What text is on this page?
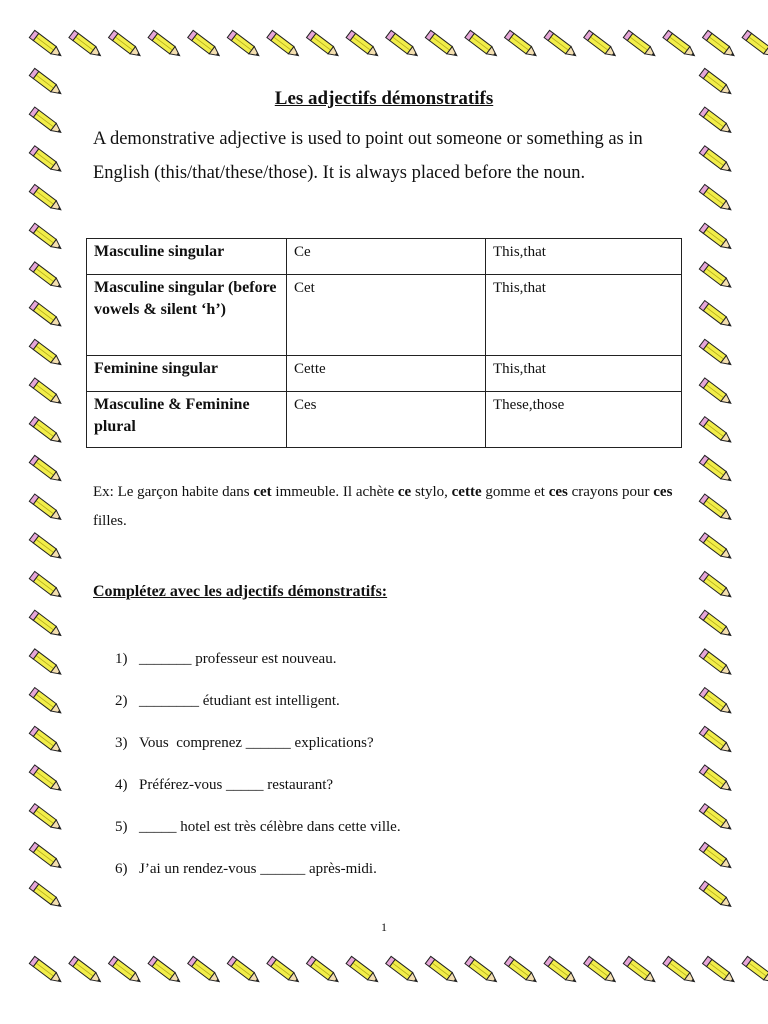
Les adjectifs démonstratifs
A demonstrative adjective is used to point out someone or something as in English (this/that/these/those). It is always placed before the noun.
Masculine singular	Ce	This,that
Masculine singular (before vowels & silent ‘h’)	Cet	This,that
Feminine singular	Cette	This,that
Masculine & Feminine plural	Ces	These,those
Ex: Le garçon habite dans cet immeuble. Il achète ce stylo, cette gomme et ces crayons pour ces filles.
Complétez avec les adjectifs démonstratifs:
1) _______ professeur est nouveau.
2) ________ étudiant est intelligent.
3) Vous  comprenez ______ explications?
4) Préférez-vous _____ restaurant?
5) _____ hotel est très célèbre dans cette ville.
6) J’ai un rendez-vous ______ après-midi.
1
